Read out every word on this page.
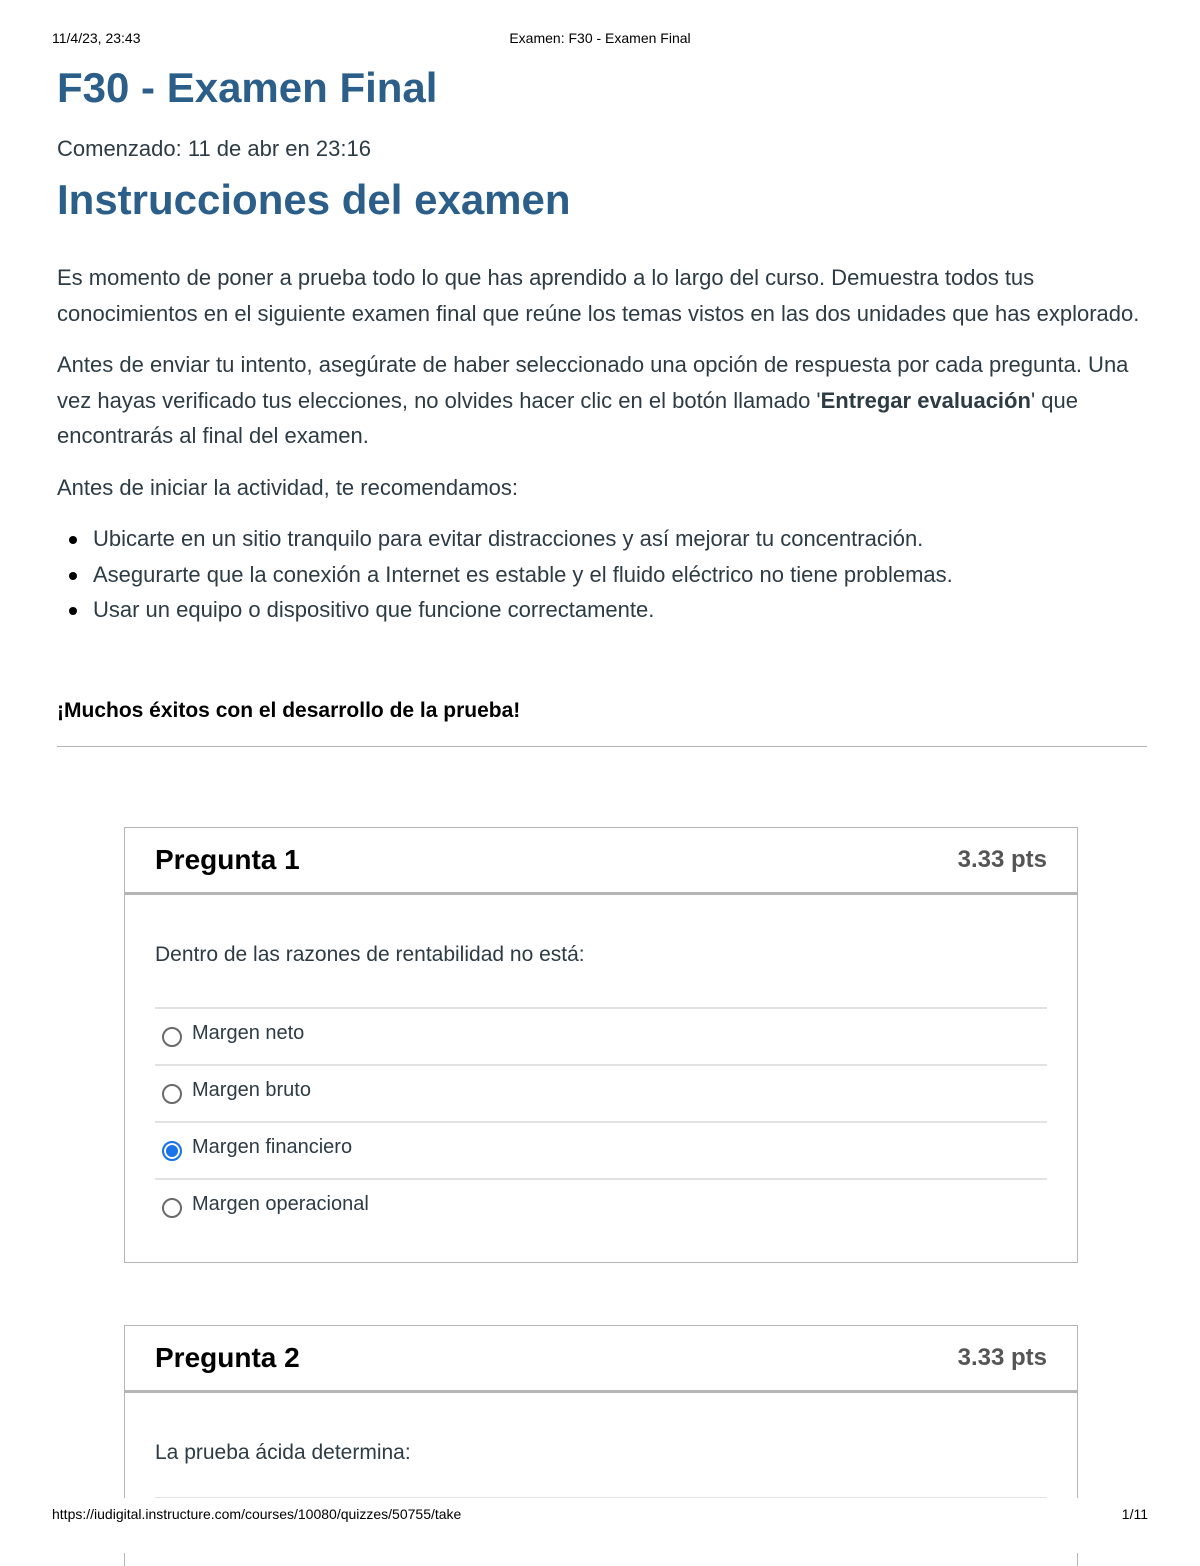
11/4/23, 23:43	Examen: F30 - Examen Final
F30 - Examen Final
Comenzado: 11 de abr en 23:16
Instrucciones del examen

Es momento de poner a prueba todo lo que has aprendido a lo largo del curso. Demuestra todos tus conocimientos en el siguiente examen final que reúne los temas vistos en las dos unidades que has explorado.

Antes de enviar tu intento, asegúrate de haber seleccionado una opción de respuesta por cada pregunta. Una vez hayas verificado tus elecciones, no olvides hacer clic en el botón llamado 'Entregar evaluación' que encontrarás al final del examen.

Antes de iniciar la actividad, te recomendamos:

Ubicarte en un sitio tranquilo para evitar distracciones y así mejorar tu concentración.
Asegurarte que la conexión a Internet es estable y el fluido eléctrico no tiene problemas.
Usar un equipo o dispositivo que funcione correctamente.
¡Muchos éxitos con el desarrollo de la prueba!
Pregunta 1	3.33 pts
Dentro de las razones de rentabilidad no está:
Margen neto
Margen bruto
Margen financiero
Margen operacional
Pregunta 2	3.33 pts
La prueba ácida determina:
https://iudigital.instructure.com/courses/10080/quizzes/50755/take	1/11
